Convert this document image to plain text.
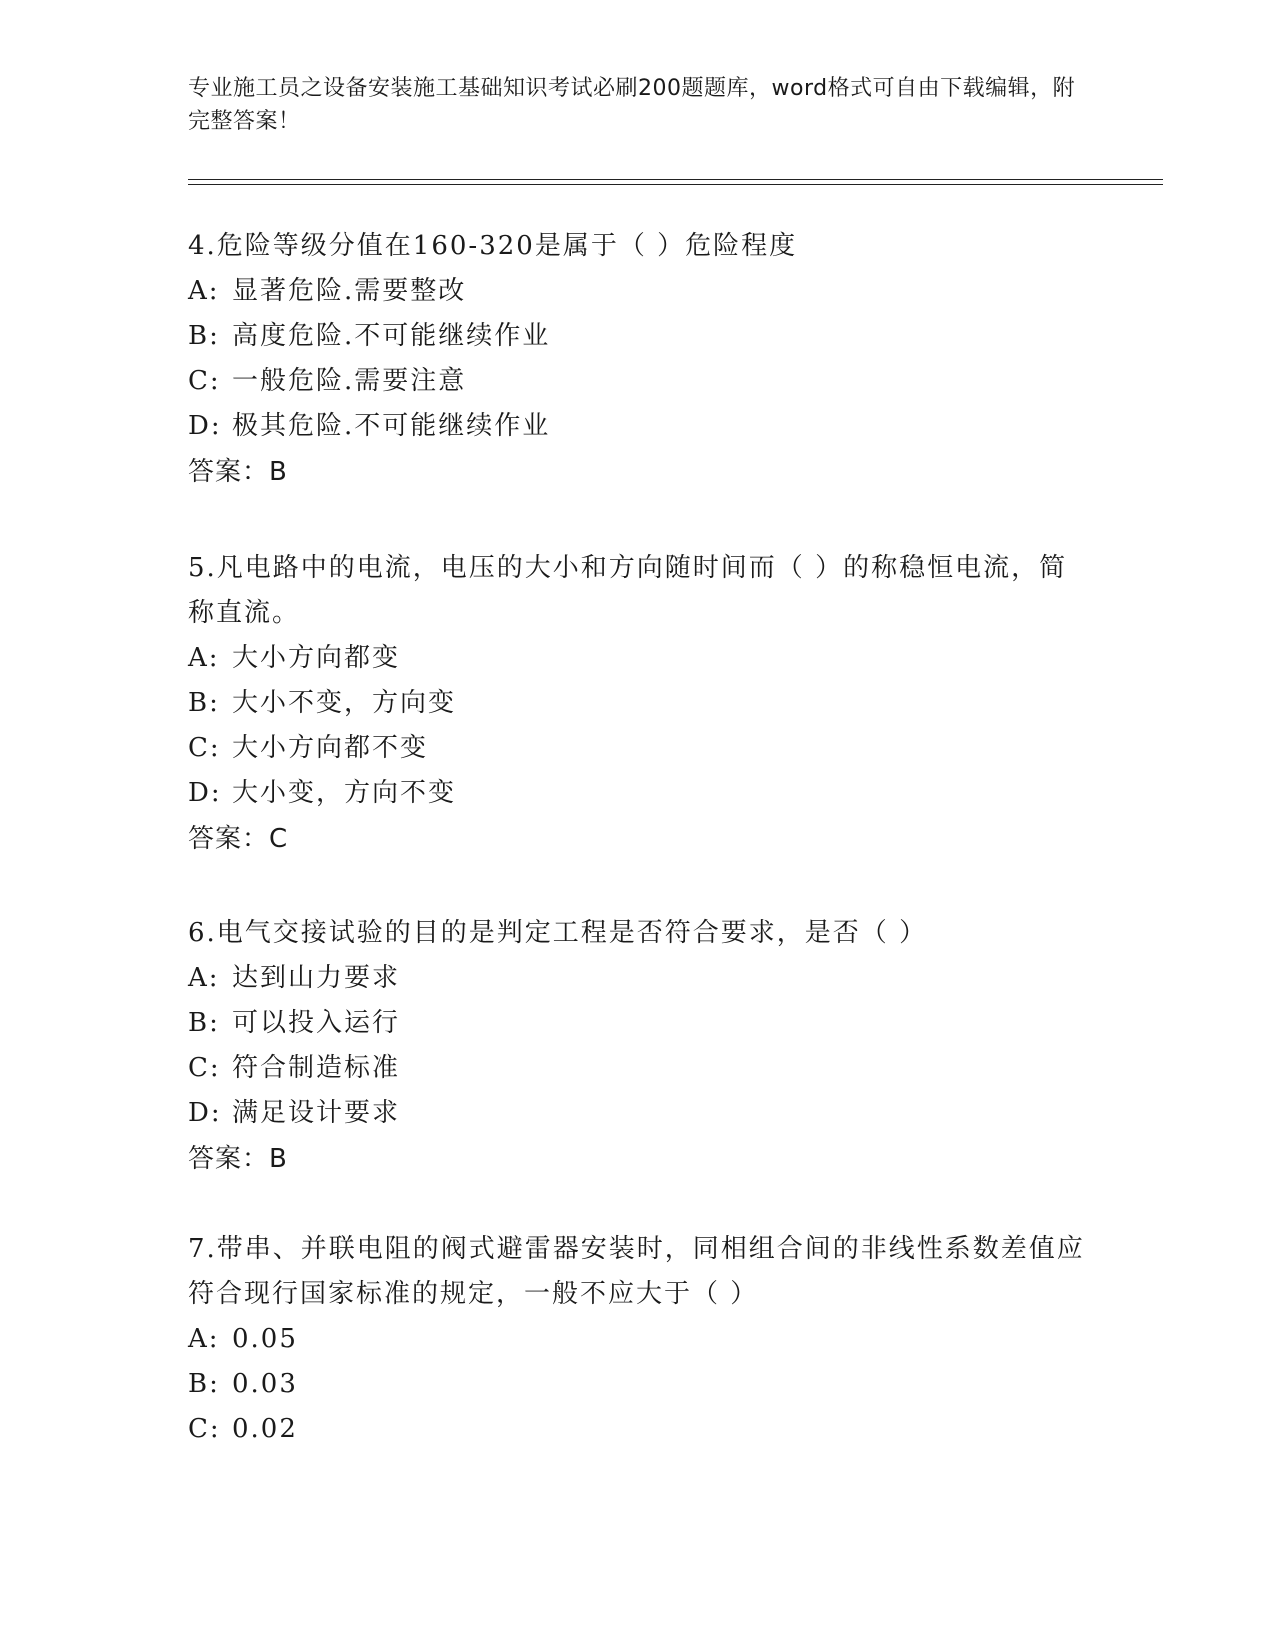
专业施工员之设备安装施工基础知识考试必刷200题题库，word格式可自由下载编辑，附完整答案！
4.危险等级分值在160-320是属于（ ）危险程度
A: 显著危险.需要整改
B: 高度危险.不可能继续作业
C: 一般危险.需要注意
D: 极其危险.不可能继续作业
答案：B
5.凡电路中的电流，电压的大小和方向随时间而（ ）的称稳恒电流，简称直流。
A: 大小方向都变
B: 大小不变，方向变
C: 大小方向都不变
D: 大小变，方向不变
答案：C
6.电气交接试验的目的是判定工程是否符合要求，是否（ ）
A: 达到山力要求
B: 可以投入运行
C: 符合制造标准
D: 满足设计要求
答案：B
7.带串、并联电阻的阀式避雷器安装时，同相组合间的非线性系数差值应符合现行国家标准的规定，一般不应大于（ ）
A: 0.05
B: 0.03
C: 0.02
